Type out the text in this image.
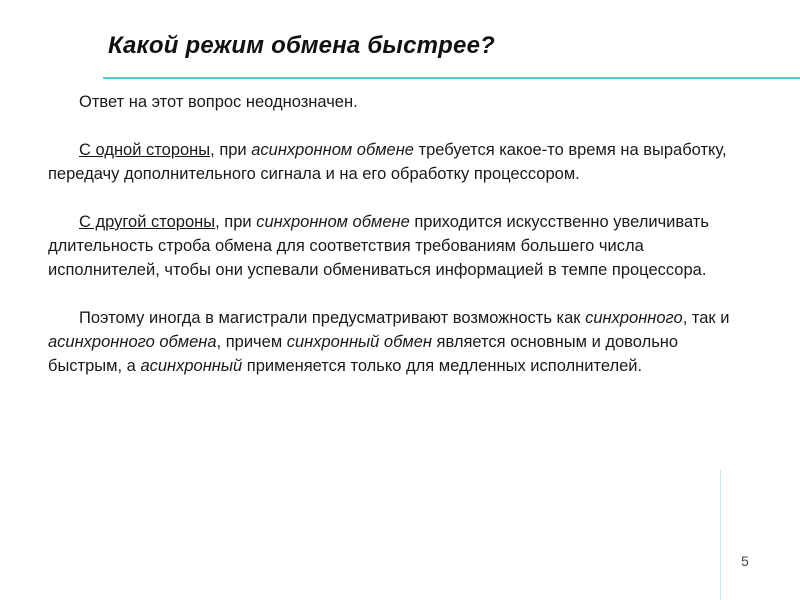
Какой режим обмена быстрее?

Ответ на этот вопрос неоднозначен.

С одной стороны, при асинхронном обмене требуется какое-то время на выработку, передачу дополнительного сигнала и на его обработку процессором.

С другой стороны, при синхронном обмене приходится искусственно увеличивать длительность строба обмена для соответствия требованиям большего числа исполнителей, чтобы они успевали обмениваться информацией в темпе процессора.

Поэтому иногда в магистрали предусматривают возможность как синхронного, так и асинхронного обмена, причем синхронный обмен является основным и довольно быстрым, а асинхронный применяется только для медленных исполнителей.

5
